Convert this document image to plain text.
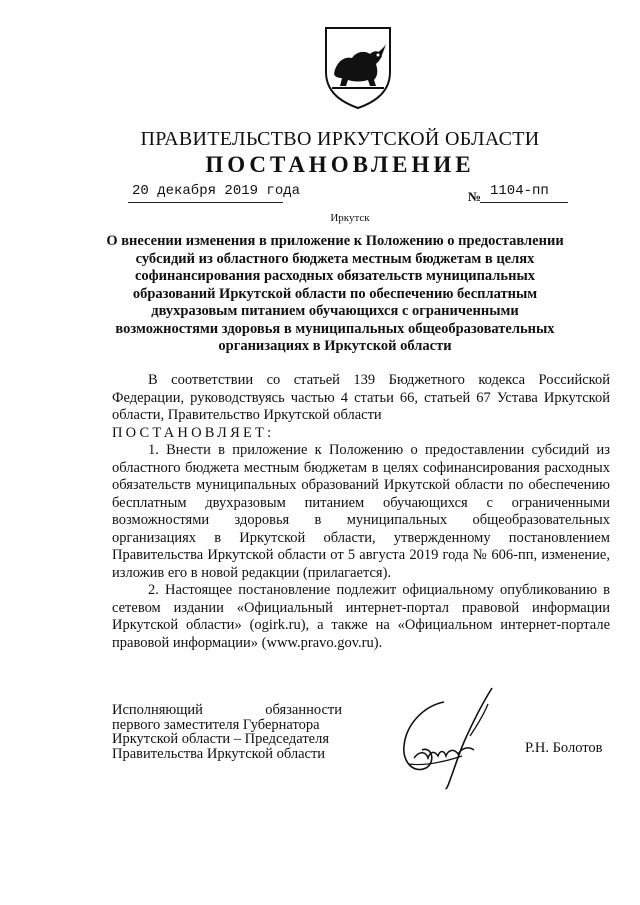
ПРАВИТЕЛЬСТВО ИРКУТСКОЙ ОБЛАСТИ
ПОСТАНОВЛЕНИЕ
20 декабря 2019 года	№ 1104-пп
Иркутск
О внесении изменения в приложение к Положению о предоставлении субсидий из областного бюджета местным бюджетам в целях софинансирования расходных обязательств муниципальных образований Иркутской области по обеспечению бесплатным двухразовым питанием обучающихся с ограниченными возможностями здоровья в муниципальных общеобразовательных организациях в Иркутской области

В соответствии со статьей 139 Бюджетного кодекса Российской Федерации, руководствуясь частью 4 статьи 66, статьей 67 Устава Иркутской области, Правительство Иркутской области

ПОСТАНОВЛЯЕТ:

1. Внести в приложение к Положению о предоставлении субсидий из областного бюджета местным бюджетам в целях софинансирования расходных обязательств муниципальных образований Иркутской области по обеспечению бесплатным двухразовым питанием обучающихся с ограниченными возможностями здоровья в муниципальных общеобразовательных организациях в Иркутской области, утвержденному постановлением Правительства Иркутской области от 5 августа 2019 года № 606-пп, изменение, изложив его в новой редакции (прилагается).

2. Настоящее постановление подлежит официальному опубликованию в сетевом издании «Официальный интернет-портал правовой информации Иркутской области» (ogirk.ru), а также на «Официальном интернет-портале правовой информации» (www.pravo.gov.ru).

Исполняющий	обязанности
первого заместителя Губернатора
Иркутской области – Председателя
Правительства Иркутской области	Р.Н. Болотов
